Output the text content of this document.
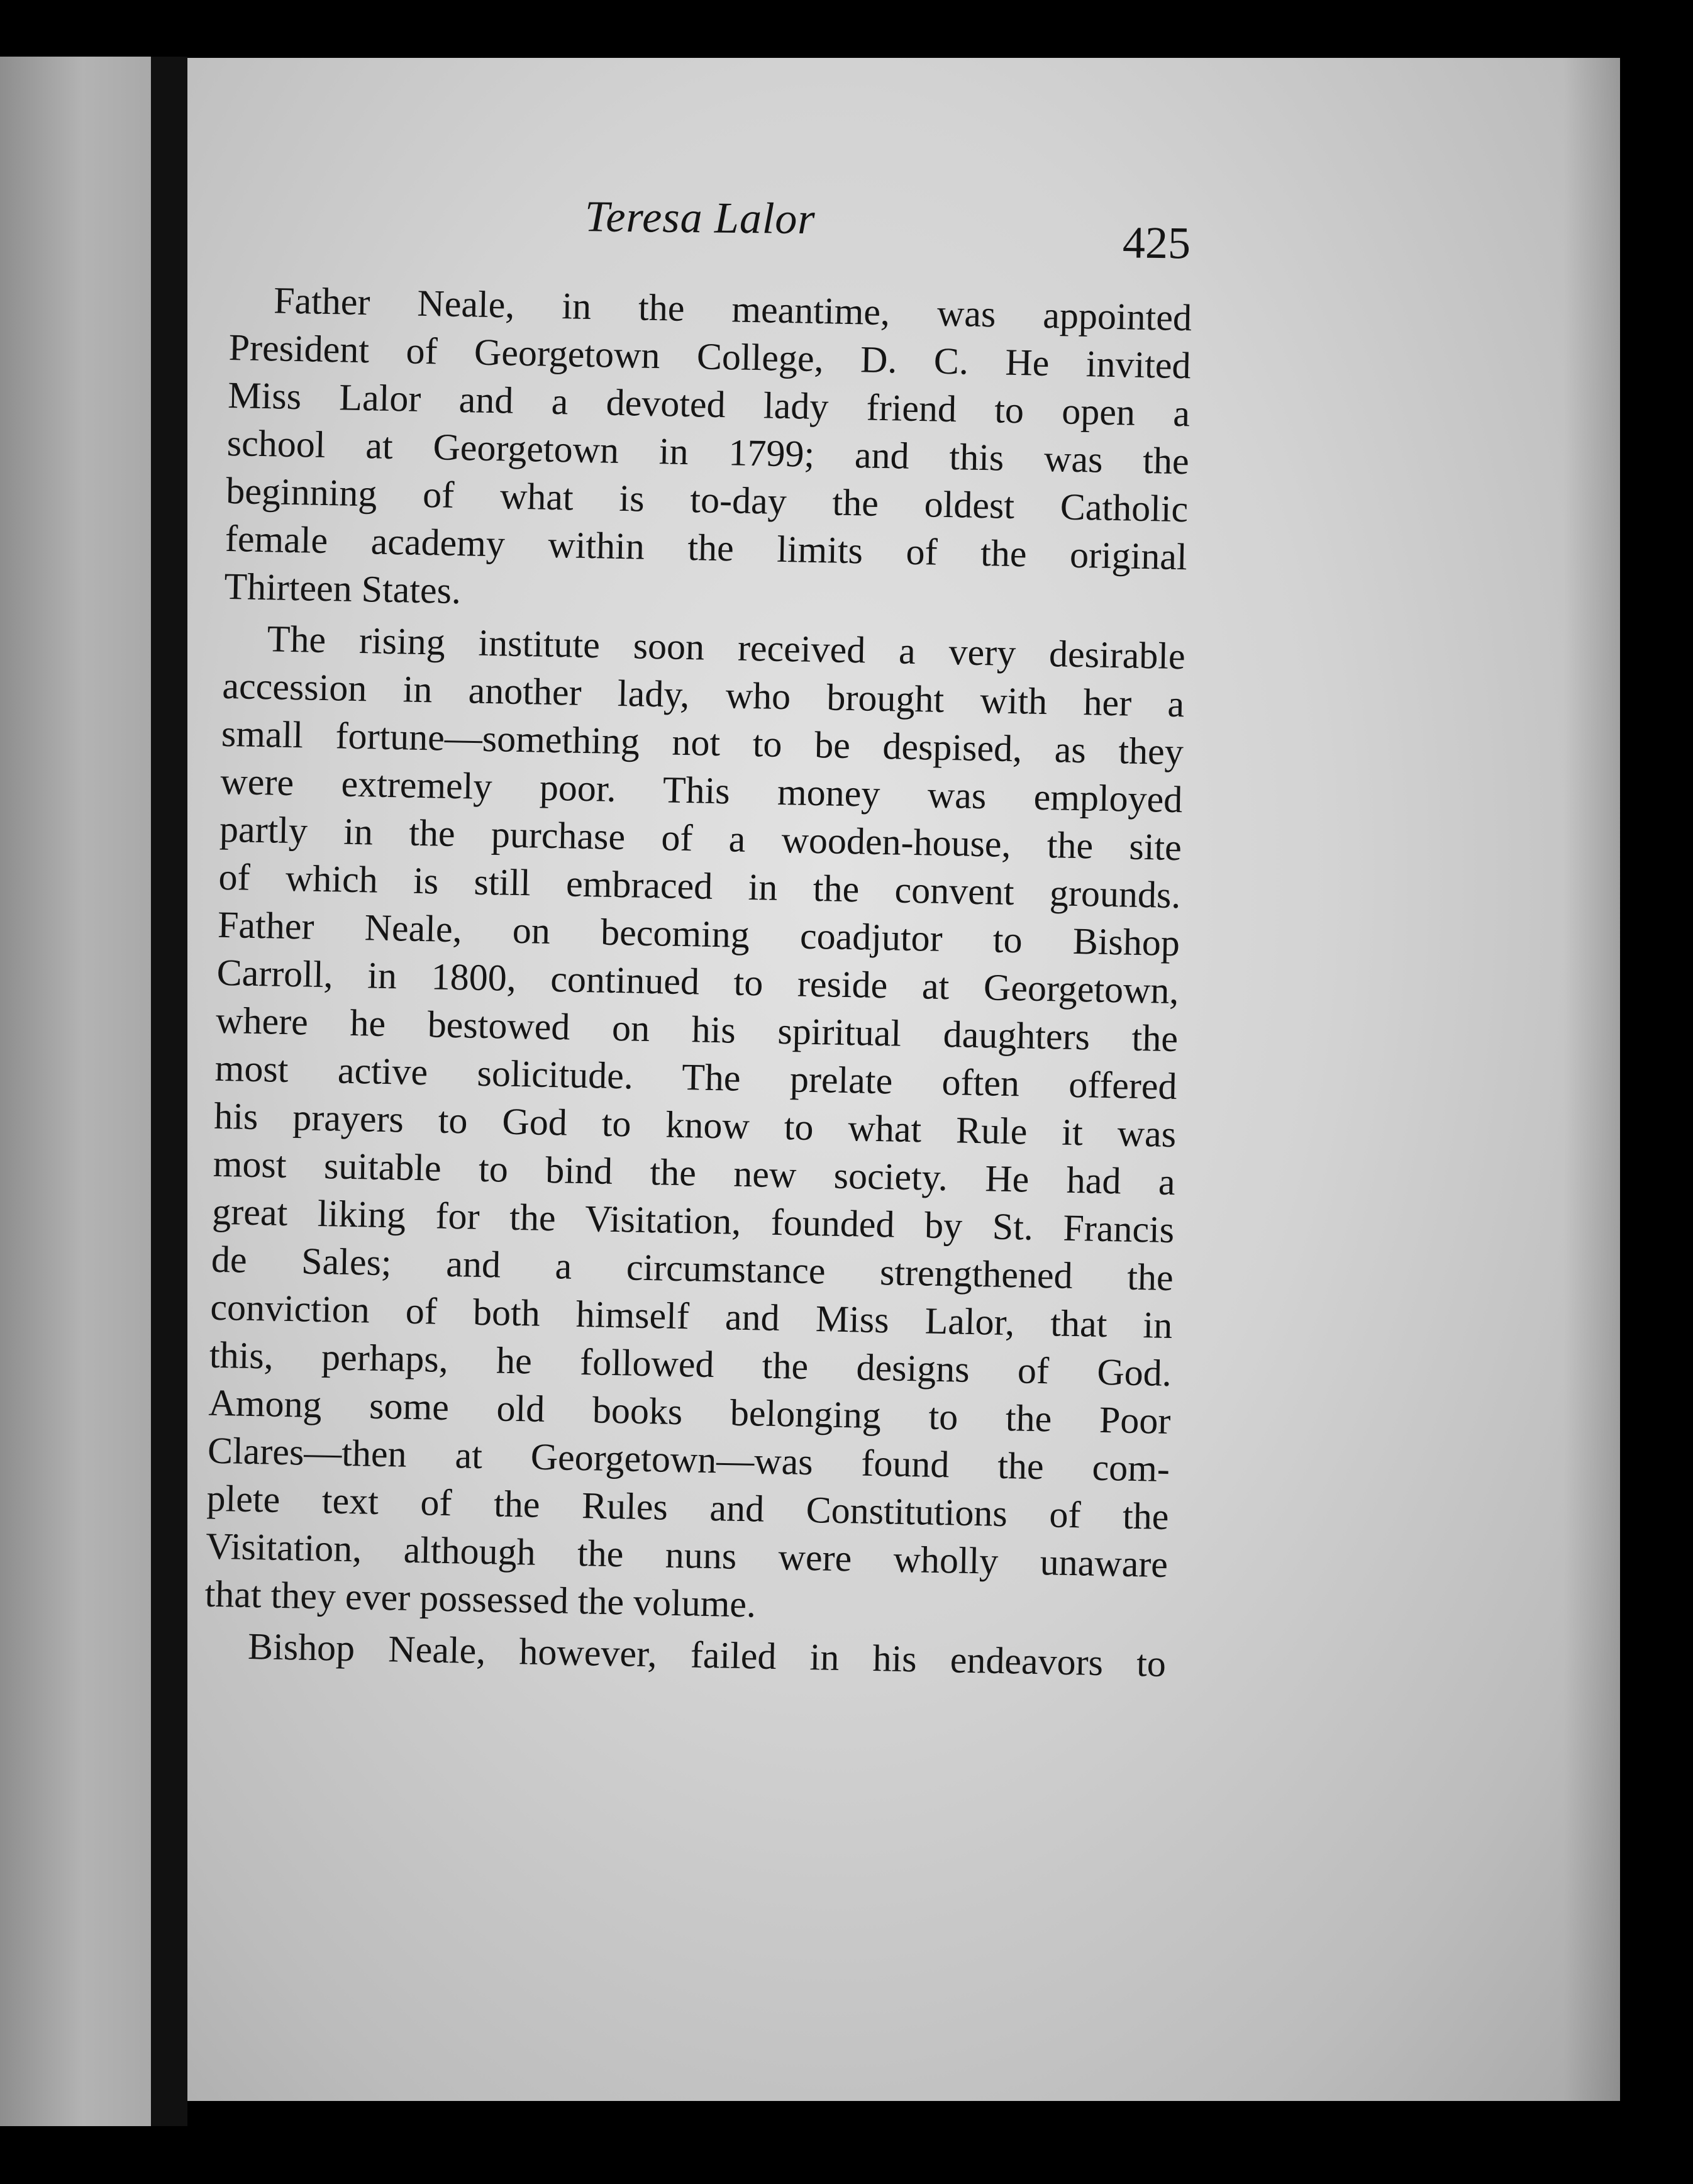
Teresa Lalor	425
Father Neale, in the meantime, was appointed
President of Georgetown College, D. C. He invited
Miss Lalor and a devoted lady friend to open a
school at Georgetown in 1799; and this was the
beginning of what is to-day the oldest Catholic
female academy within the limits of the original
Thirteen States.
The rising institute soon received a very desirable
accession in another lady, who brought with her a
small fortune—something not to be despised, as they
were extremely poor. This money was employed
partly in the purchase of a wooden-house, the site
of which is still embraced in the convent grounds.
Father Neale, on becoming coadjutor to Bishop
Carroll, in 1800, continued to reside at Georgetown,
where he bestowed on his spiritual daughters the
most active solicitude. The prelate often offered
his prayers to God to know to what Rule it was
most suitable to bind the new society. He had a
great liking for the Visitation, founded by St. Francis
de Sales; and a circumstance strengthened the
conviction of both himself and Miss Lalor, that in
this, perhaps, he followed the designs of God.
Among some old books belonging to the Poor
Clares—then at Georgetown—was found the com-
plete text of the Rules and Constitutions of the
Visitation, although the nuns were wholly unaware
that they ever possessed the volume.
Bishop Neale, however, failed in his endeavors to
